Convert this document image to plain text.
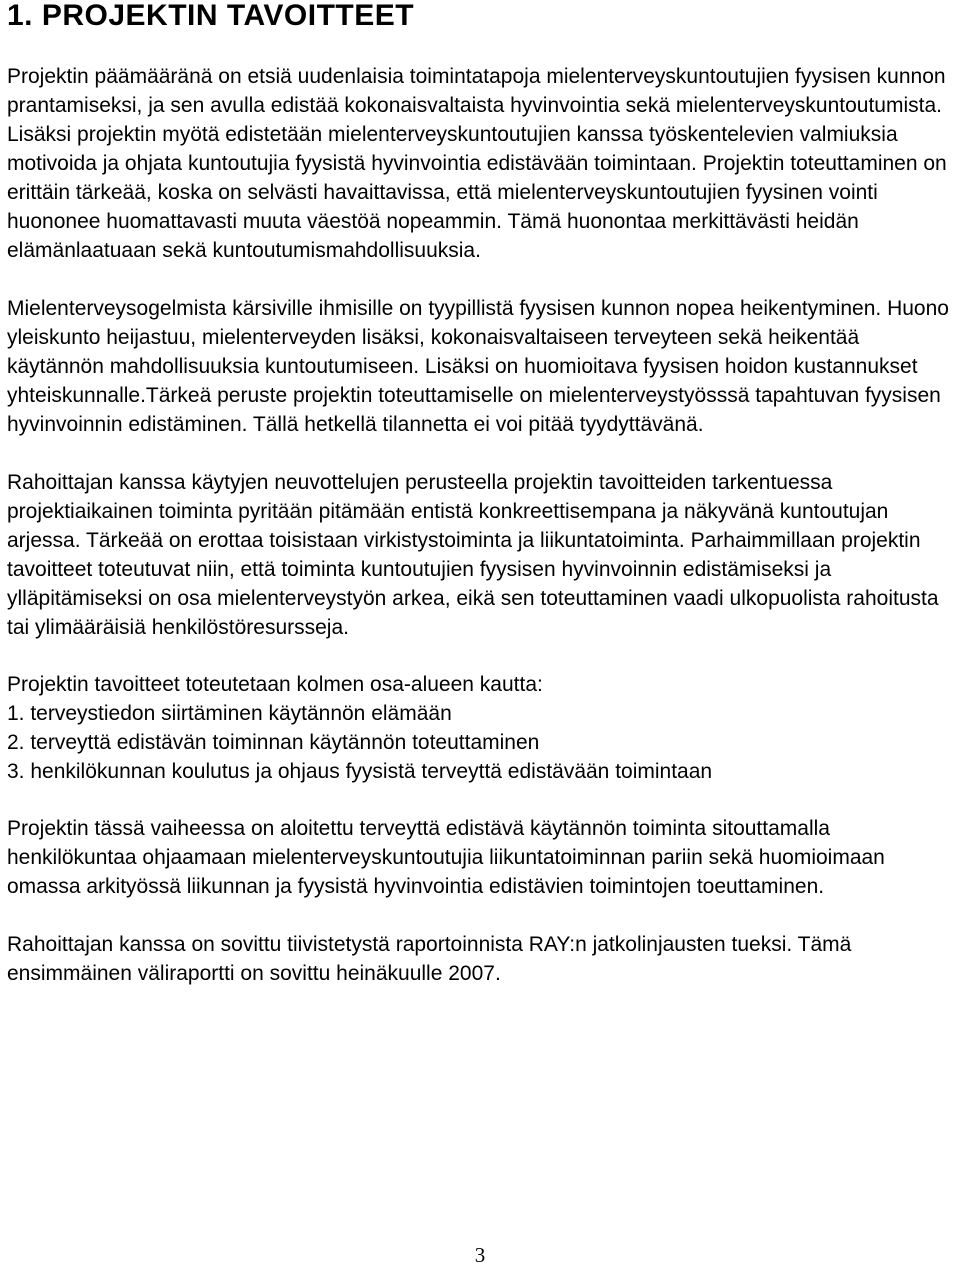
1. PROJEKTIN TAVOITTEET

Projektin päämääränä on etsiä uudenlaisia toimintatapoja mielenterveyskuntoutujien fyysisen kunnon prantamiseksi, ja sen avulla edistää kokonaisvaltaista hyvinvointia sekä mielenterveyskuntoutumista. Lisäksi projektin myötä edistetään mielenterveyskuntoutujien kanssa työskentelevien valmiuksia motivoida ja ohjata kuntoutujia fyysistä hyvinvointia edistävään toimintaan. Projektin toteuttaminen on erittäin tärkeää, koska on selvästi havaittavissa, että mielenterveyskuntoutujien fyysinen vointi huononee huomattavasti muuta väestöä nopeammin. Tämä huonontaa merkittävästi heidän elämänlaatuaan sekä kuntoutumismahdollisuuksia.

Mielenterveysogelmista kärsiville ihmisille on tyypillistä fyysisen kunnon nopea heikentyminen. Huono yleiskunto heijastuu, mielenterveyden lisäksi, kokonaisvaltaiseen terveyteen sekä heikentää käytännön mahdollisuuksia kuntoutumiseen. Lisäksi on huomioitava fyysisen hoidon kustannukset yhteiskunnalle.Tärkeä peruste projektin toteuttamiselle on mielenterveystyösssä tapahtuvan fyysisen hyvinvoinnin edistäminen. Tällä hetkellä tilannetta ei voi pitää tyydyttävänä.

Rahoittajan kanssa käytyjen neuvottelujen perusteella projektin tavoitteiden tarkentuessa projektiaikainen toiminta pyritään pitämään entistä konkreettisempana ja näkyvänä kuntoutujan arjessa. Tärkeää on erottaa toisistaan virkistystoiminta ja liikuntatoiminta. Parhaimmillaan projektin tavoitteet toteutuvat niin, että toiminta kuntoutujien fyysisen hyvinvoinnin edistämiseksi ja ylläpitämiseksi on osa mielenterveystyön arkea, eikä sen toteuttaminen vaadi ulkopuolista rahoitusta tai ylimääräisiä henkilöstöresursseja.

Projektin tavoitteet toteutetaan kolmen osa-alueen kautta:

1. terveystiedon siirtäminen käytännön elämään
2. terveyttä edistävän toiminnan käytännön toteuttaminen
3. henkilökunnan koulutus ja ohjaus fyysistä terveyttä edistävään toimintaan

Projektin tässä vaiheessa on aloitettu terveyttä edistävä käytännön toiminta sitouttamalla henkilökuntaa ohjaamaan mielenterveyskuntoutujia liikuntatoiminnan pariin sekä huomioimaan omassa arkityössä liikunnan ja fyysistä hyvinvointia edistävien toimintojen toeuttaminen.

Rahoittajan kanssa on sovittu tiivistetystä raportoinnista RAY:n jatkolinjausten tueksi. Tämä ensimmäinen väliraportti on sovittu heinäkuulle 2007.

3
